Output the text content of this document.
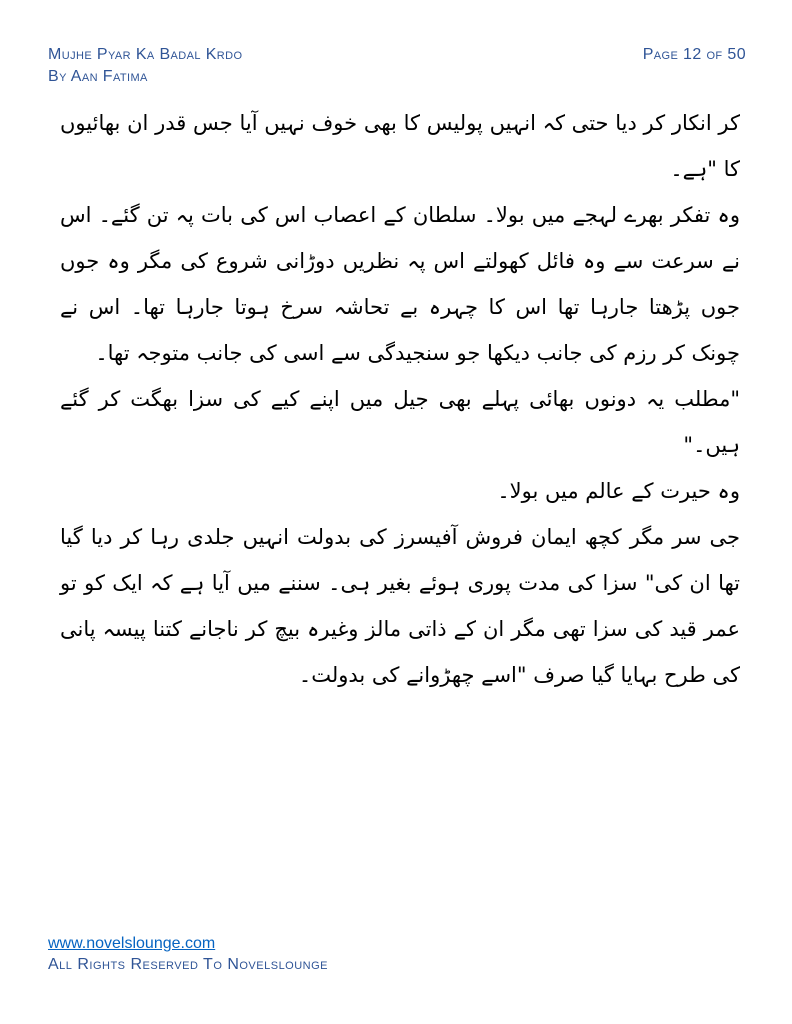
Mujhe Pyar Ka Badal Krdo	Page 12 of 50
By Aan Fatima

کر انکار کر دیا حتی کہ انہیں پولیس کا بھی خوف نہیں آیا جس قدر ان بھائیوں کا "ہے۔

وہ تفکر بھرے لہجے میں بولا۔ سلطان کے اعصاب اس کی بات پہ تن گئے۔ اس نے سرعت سے وہ فائل کھولتے اس پہ نظریں دوڑانی شروع کی مگر وہ جوں جوں پڑھتا جارہا تھا اس کا چہرہ بے تحاشہ سرخ ہوتا جارہا تھا۔ اس نے چونک کر رزم کی جانب دیکھا جو سنجیدگی سے اسی کی جانب متوجہ تھا۔

"مطلب یہ دونوں بھائی پہلے بھی جیل میں اپنے کیے کی سزا بھگت کر گئے ہیں۔"

وہ حیرت کے عالم میں بولا۔

جی سر مگر کچھ ایمان فروش آفیسرز کی بدولت انہیں جلدی رہا کر دیا گیا تھا ان کی" سزا کی مدت پوری ہوئے بغیر ہی۔ سننے میں آیا ہے کہ ایک کو تو عمر قید کی سزا تھی مگر ان کے ذاتی مالز وغیرہ بیچ کر ناجانے کتنا پیسہ پانی کی طرح بہایا گیا صرف "اسے چھڑوانے کی بدولت۔

www.novelslounge.com
All Rights Reserved To Novelslounge
